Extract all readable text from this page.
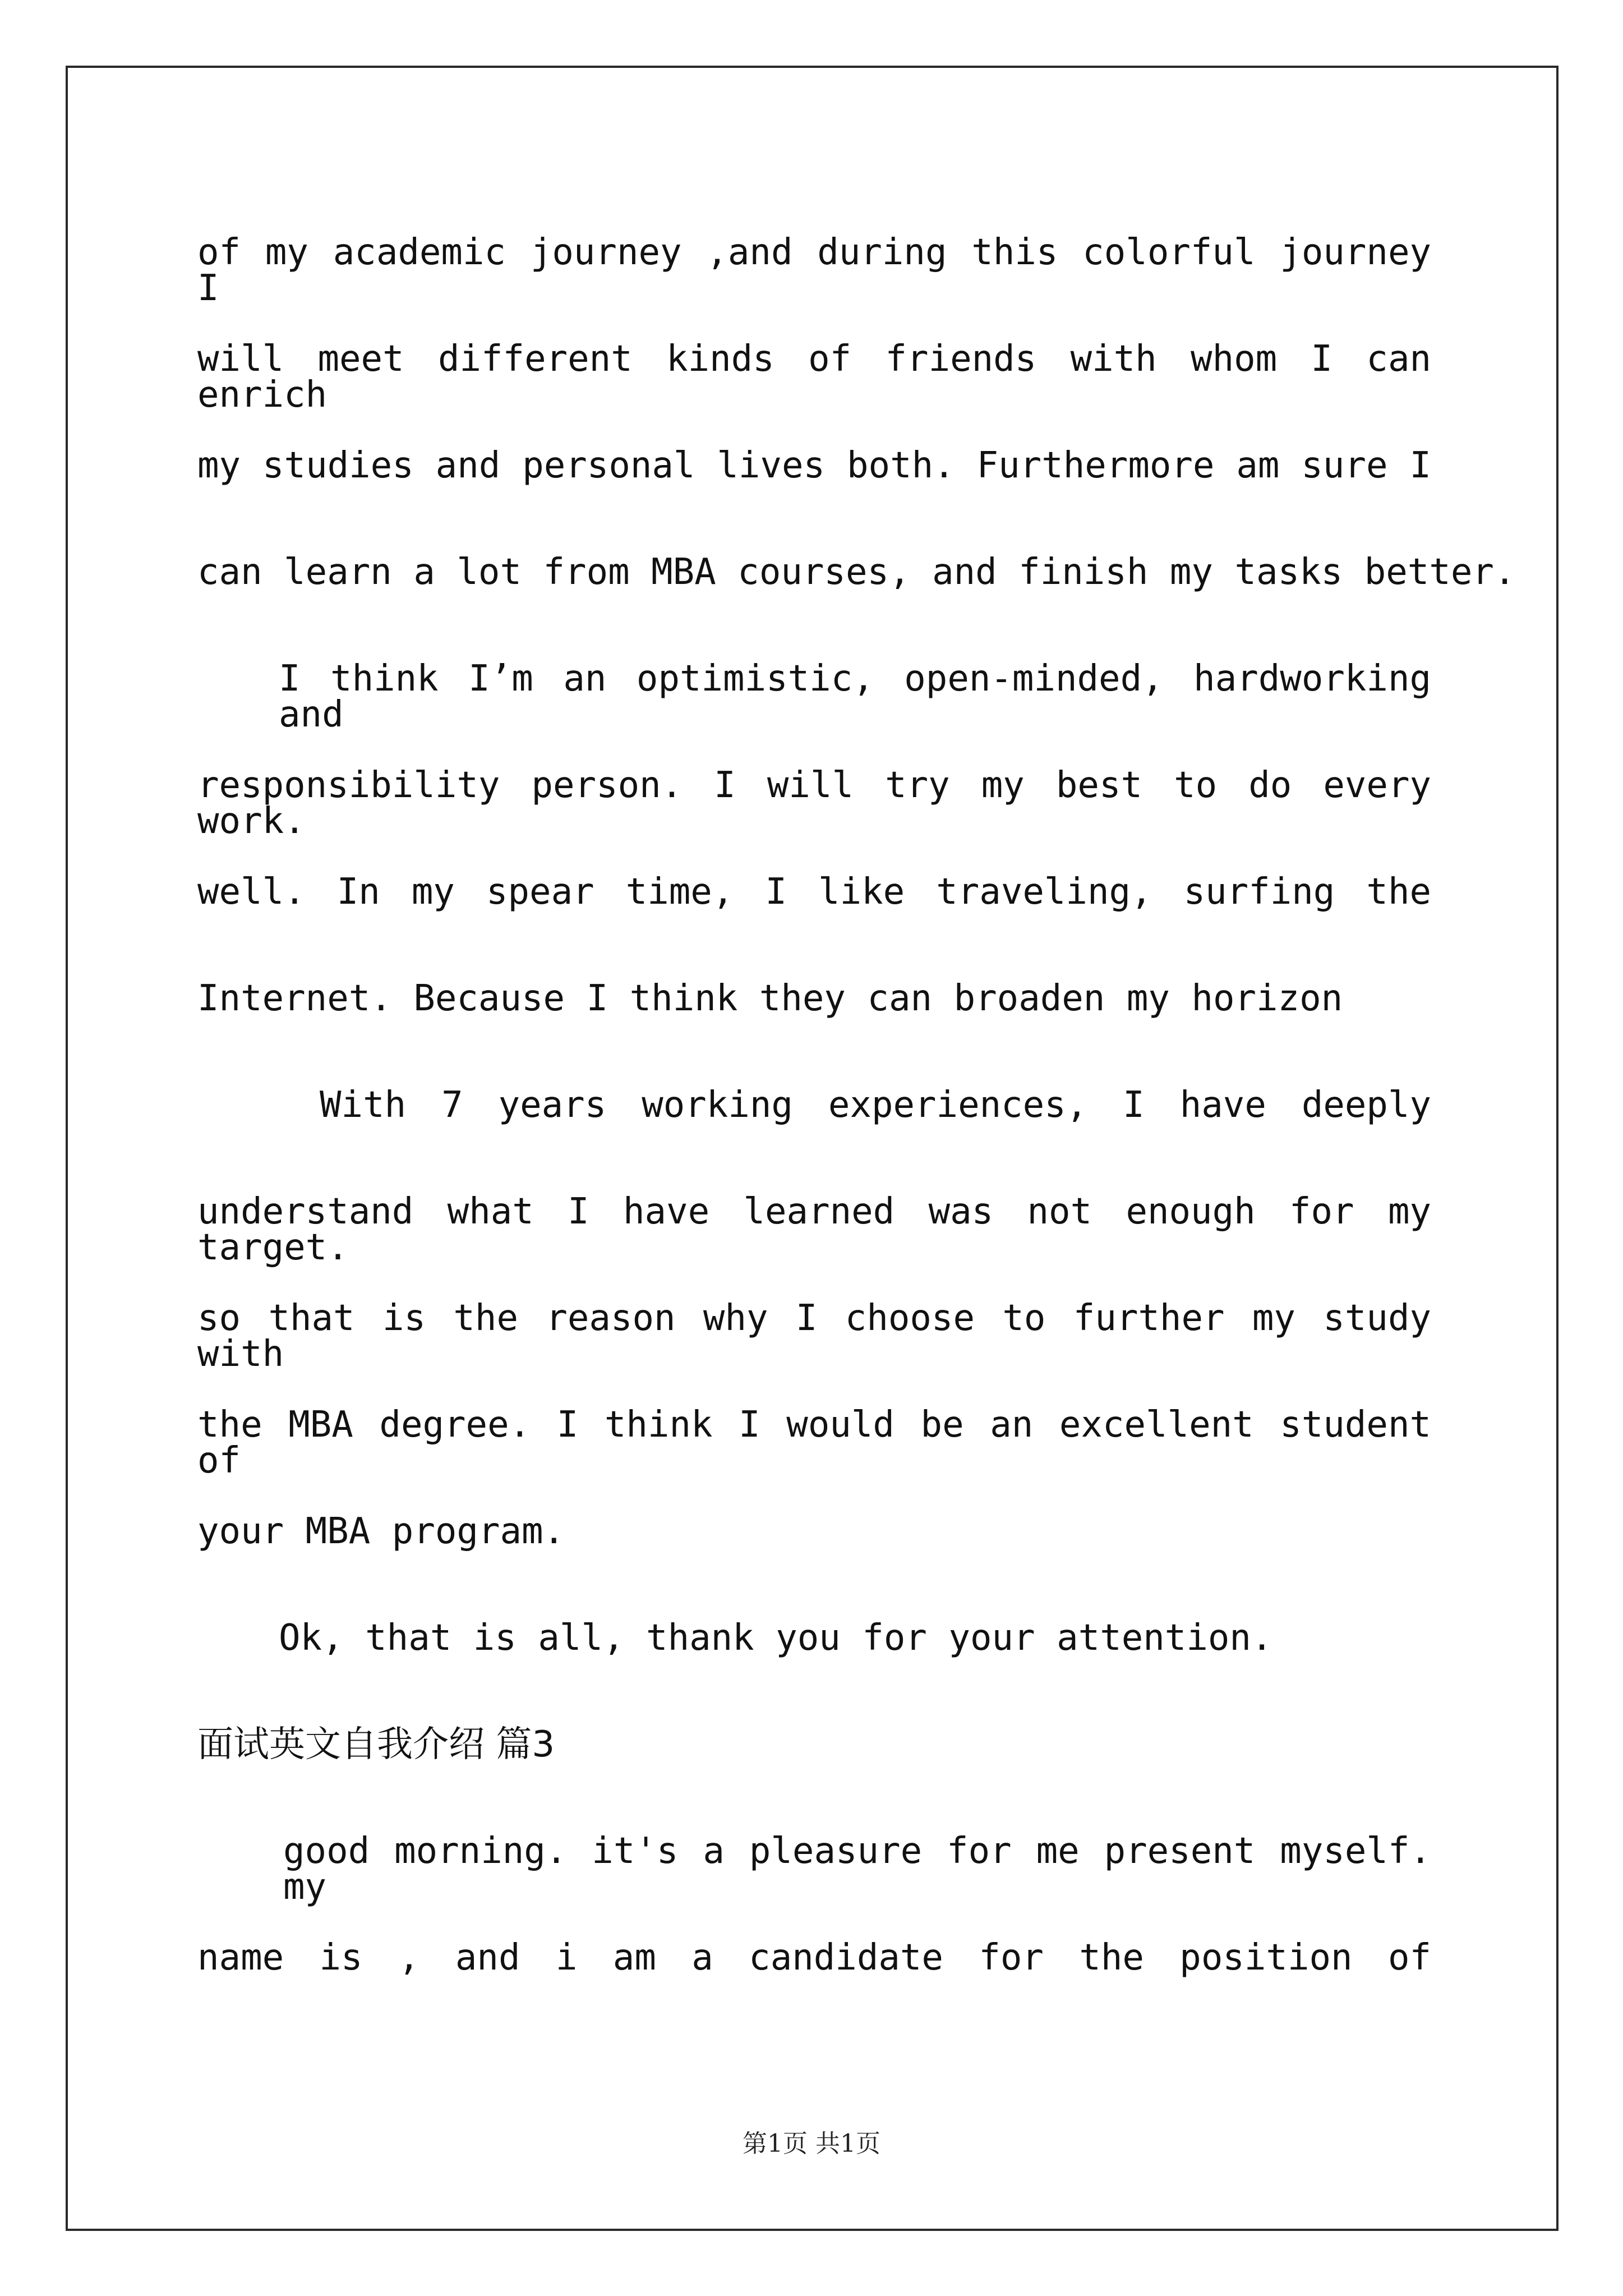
of my academic journey ,and during this colorful journey I
will meet different kinds of friends with whom I can enrich
my studies and personal lives both. Furthermore am sure I
can learn a lot from MBA courses, and finish my tasks better.
I think I’m an optimistic, open-minded, hardworking and
responsibility person. I will try my best to do every work.
well. In my spear time, I like traveling, surfing the
Internet. Because I think they can broaden my horizon
With 7 years working experiences, I have deeply
understand what I have learned was not enough for my target.
so that is the reason why I choose to further my study with
the MBA degree. I think I would be an excellent student of
your MBA program.
Ok, that is all, thank you for your attention.
面试英文自我介绍 篇3
good morning. it's a pleasure for me present myself. my
name is , and i am a candidate for the position of
第1页 共1页
